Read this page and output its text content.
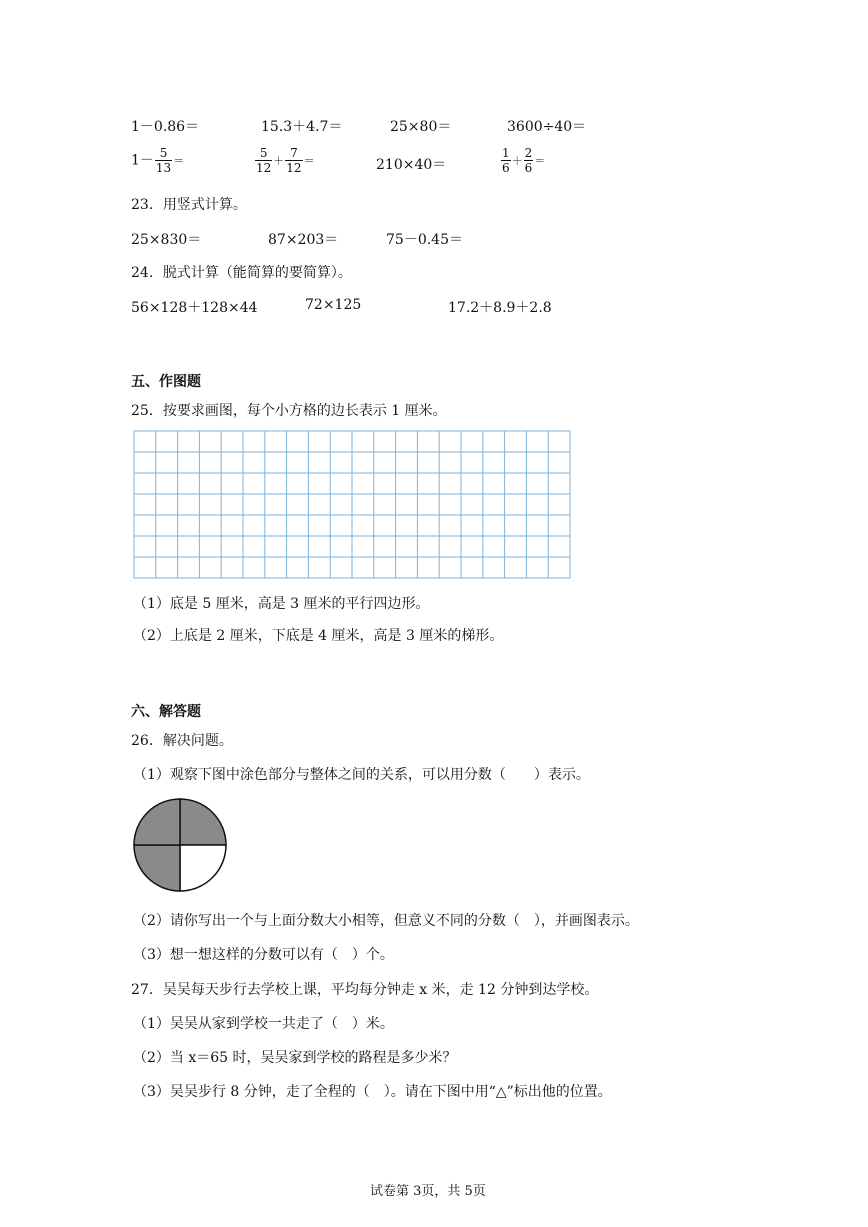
1－0.86＝	15.3＋4.7＝	25×80＝	3600÷40＝
$1- \frac{5}{13}$ ＝	$\frac{5}{12} + \frac{7}{12}$ ＝	210×40＝	$\frac{1}{6} + \frac{2}{6}$ ＝
23．用竖式计算。
25×830＝	87×203＝	75－0.45＝
24．脱式计算（能简算的要简算）。
56×128＋128×44	72×125	17.2＋8.9＋2.8
五、作图题
25．按要求画图，每个小方格的边长表示 1 厘米。
（1）底是 5 厘米，高是 3 厘米的平行四边形。
（2）上底是 2 厘米，下底是 4 厘米，高是 3 厘米的梯形。
六、解答题
26．解决问题。
（1）观察下图中涂色部分与整体之间的关系，可以用分数（　　）表示。
（2）请你写出一个与上面分数大小相等，但意义不同的分数（　），并画图表示。
（3）想一想这样的分数可以有（　）个。
27．吴吴每天步行去学校上课，平均每分钟走 x 米，走 12 分钟到达学校。
（1）吴吴从家到学校一共走了（　）米。
（2）当 x＝65 时，吴吴家到学校的路程是多少米？
（3）吴吴步行 8 分钟，走了全程的（　）。请在下图中用“△”标出他的位置。
试卷第 3页，共 5页
